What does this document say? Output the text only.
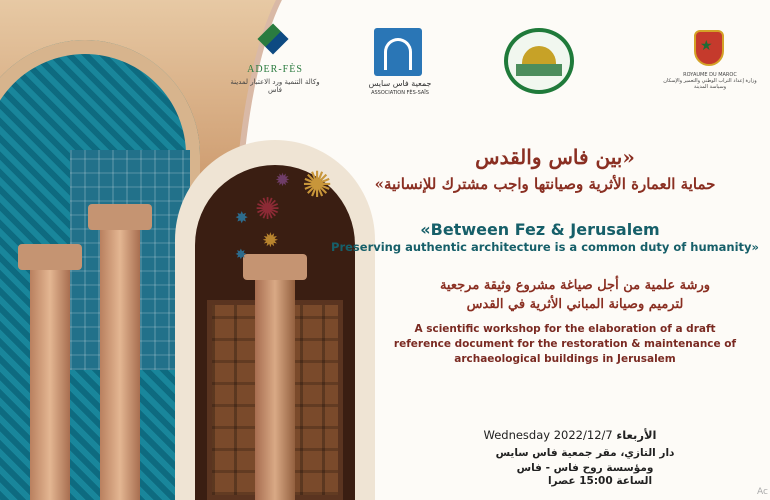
✺
✹
✺
✸
✹
✸
ADER-FÈS
وكالة التنمية ورد الاعتبار لمدينة فاس
جمعية فاس سايس
ASSOCIATION FÈS-SAÏS
★
ROYAUME DU MAROC
وزارة إعداد التراب الوطني والتعمير والإسكان وسياسة المدينة
«بين فاس والقدس
حماية العمارة الأثرية وصيانتها واجب مشترك للإنسانية»
«Between Fez & Jerusalem
Preserving authentic architecture is a common duty of humanity»
ورشة علمية من أجل صياغة مشروع وثيقة مرجعية
لترميم وصيانة المباني الأثرية في القدس
A scientific workshop for the elaboration of a draft
reference document for the restoration & maintenance of
archaeological buildings in Jerusalem
Wednesday 2022/12/7 الأربعاء
دار التازي، مقر جمعية فاس سايس
ومؤسسة روح فاس - فاس
الساعة 15:00 عصرا
Ac
